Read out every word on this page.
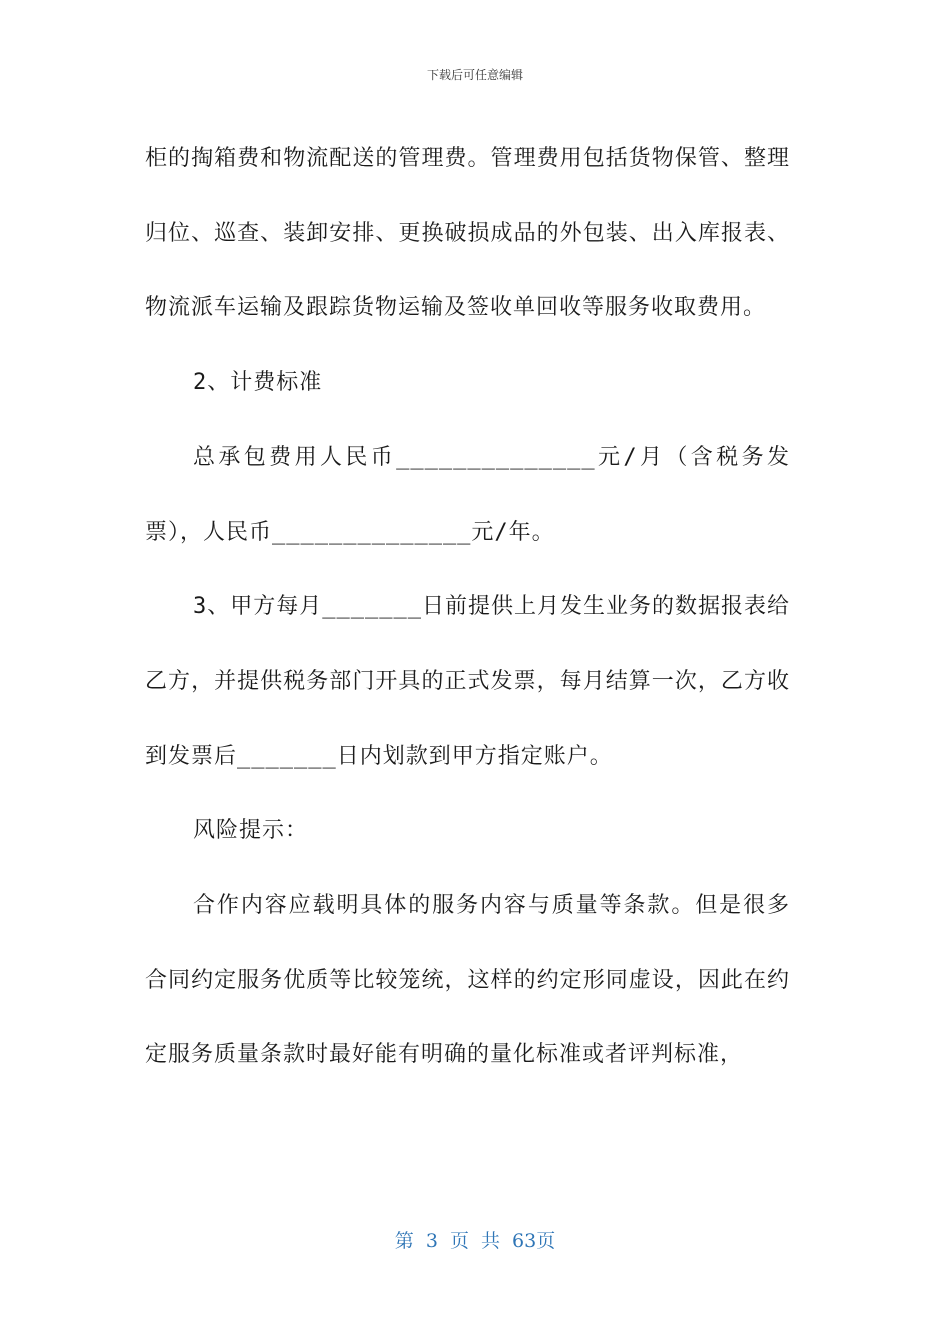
下载后可任意编辑

柜的掏箱费和物流配送的管理费。管理费用包括货物保管、整理归位、巡查、装卸安排、更换破损成品的外包装、出入库报表、物流派车运输及跟踪货物运输及签收单回收等服务收取费用。

2、计费标准

总承包费用人民币______________元/月（含税务发票），人民币______________元/年。

3、甲方每月_______日前提供上月发生业务的数据报表给乙方，并提供税务部门开具的正式发票，每月结算一次，乙方收到发票后_______日内划款到甲方指定账户。

风险提示：

合作内容应载明具体的服务内容与质量等条款。但是很多合同约定服务优质等比较笼统，这样的约定形同虚设，因此在约定服务质量条款时最好能有明确的量化标准或者评判标准，

第 3 页 共 63页
